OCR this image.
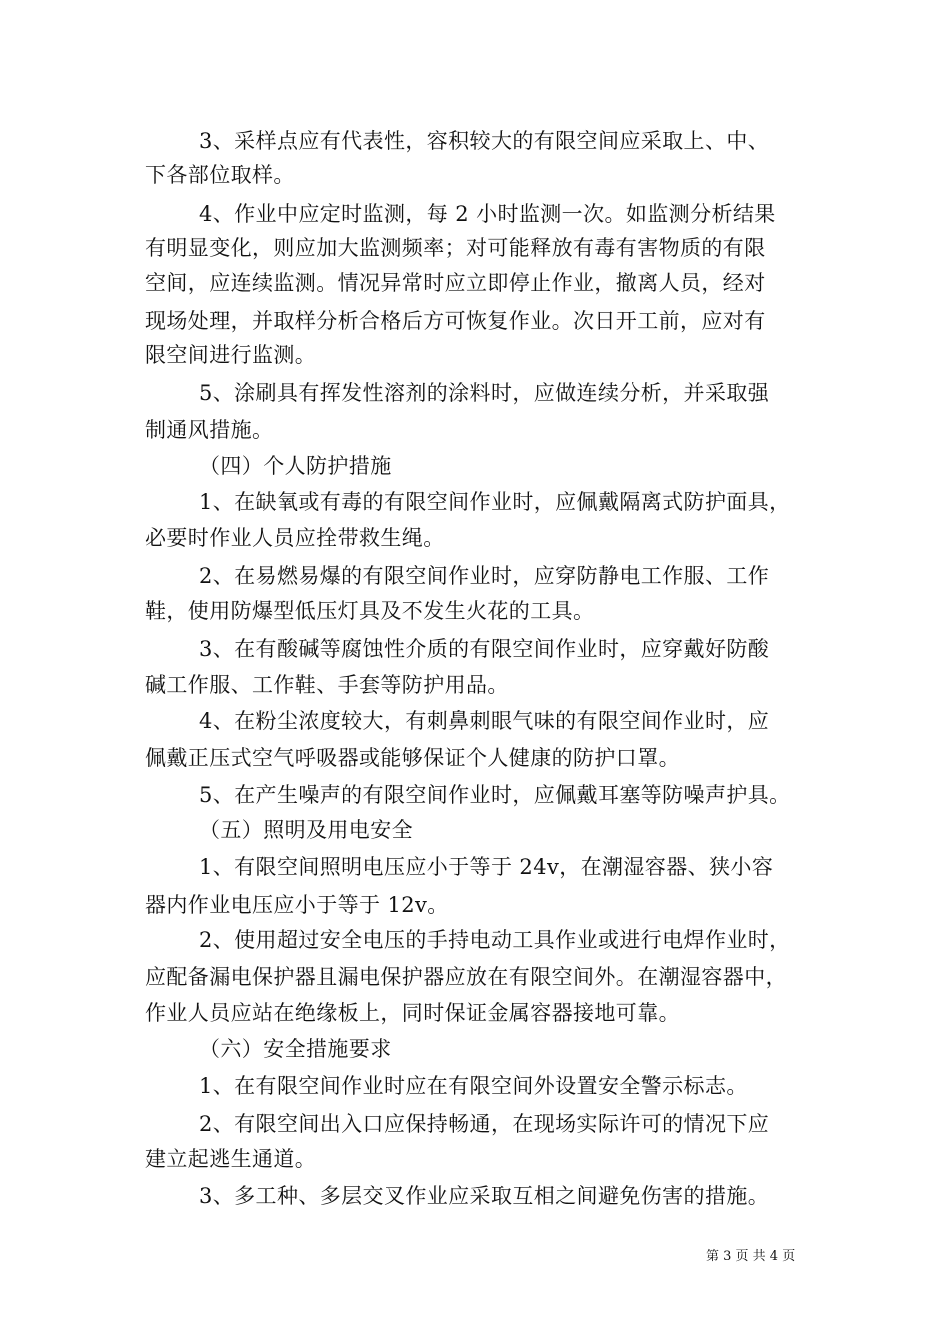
3、采样点应有代表性，容积较大的有限空间应采取上、中、
下各部位取样。
4、作业中应定时监测，每 2 小时监测一次。如监测分析结果
有明显变化，则应加大监测频率；对可能释放有毒有害物质的有限
空间，应连续监测。情况异常时应立即停止作业，撤离人员，经对
现场处理，并取样分析合格后方可恢复作业。次日开工前，应对有
限空间进行监测。
5、涂刷具有挥发性溶剂的涂料时，应做连续分析，并采取强
制通风措施。
（四）个人防护措施
1、在缺氧或有毒的有限空间作业时，应佩戴隔离式防护面具，
必要时作业人员应拴带救生绳。
2、在易燃易爆的有限空间作业时，应穿防静电工作服、工作
鞋，使用防爆型低压灯具及不发生火花的工具。
3、在有酸碱等腐蚀性介质的有限空间作业时，应穿戴好防酸
碱工作服、工作鞋、手套等防护用品。
4、在粉尘浓度较大，有刺鼻刺眼气味的有限空间作业时，应
佩戴正压式空气呼吸器或能够保证个人健康的防护口罩。
5、在产生噪声的有限空间作业时，应佩戴耳塞等防噪声护具。
（五）照明及用电安全
1、有限空间照明电压应小于等于 24v，在潮湿容器、狭小容
器内作业电压应小于等于 12v。
2、使用超过安全电压的手持电动工具作业或进行电焊作业时，
应配备漏电保护器且漏电保护器应放在有限空间外。在潮湿容器中，
作业人员应站在绝缘板上，同时保证金属容器接地可靠。
（六）安全措施要求
1、在有限空间作业时应在有限空间外设置安全警示标志。
2、有限空间出入口应保持畅通，在现场实际许可的情况下应
建立起逃生通道。
3、多工种、多层交叉作业应采取互相之间避免伤害的措施。
第 3 页 共 4 页
